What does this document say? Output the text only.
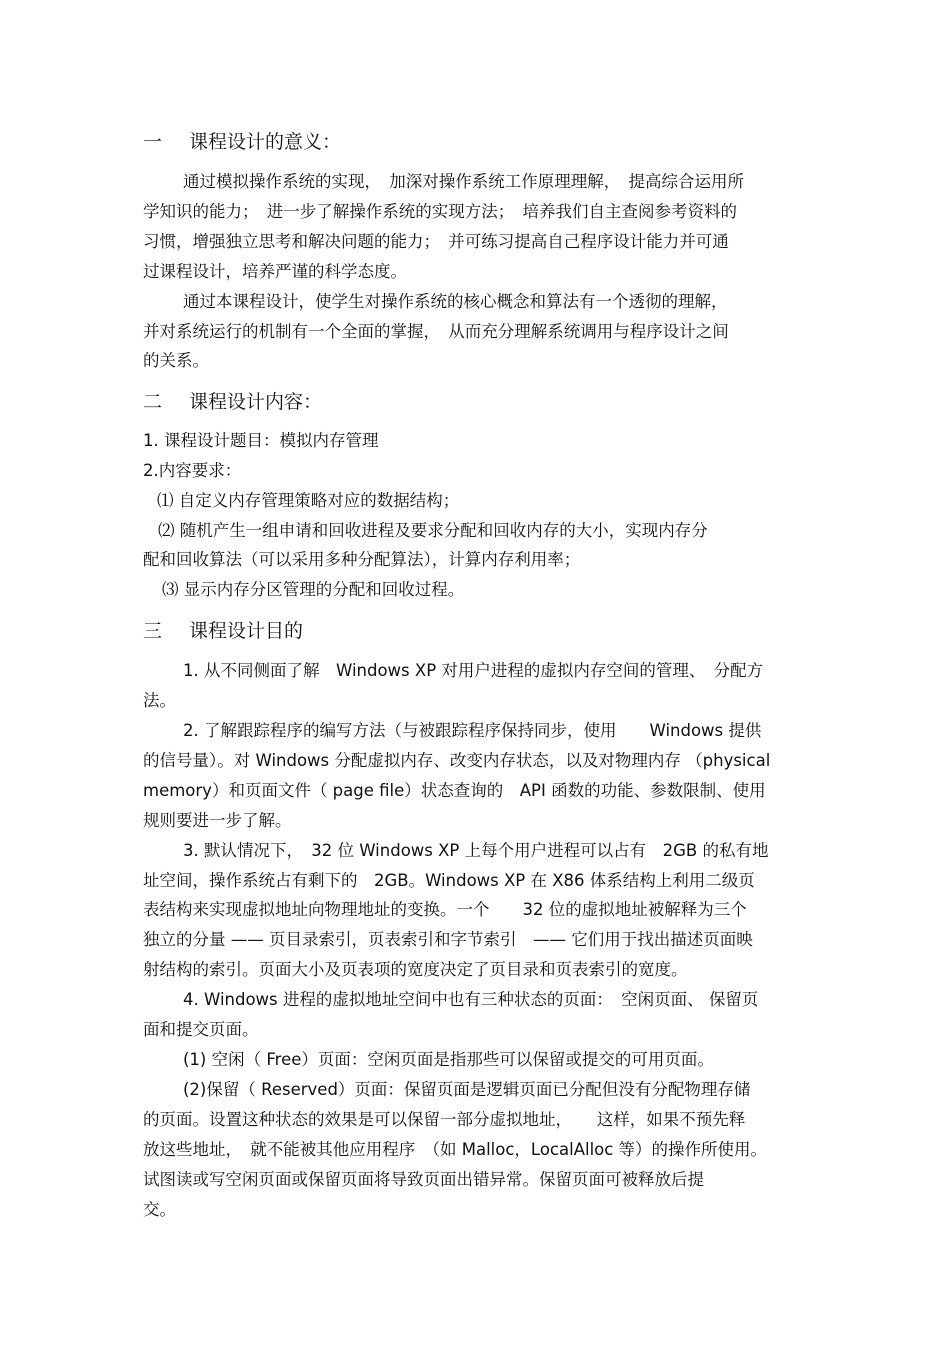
一 课程设计的意义：
通过模拟操作系统的实现，　加深对操作系统工作原理理解，　提高综合运用所
学知识的能力；　进一步了解操作系统的实现方法；　培养我们自主查阅参考资料的
习惯，增强独立思考和解决问题的能力；　并可练习提高自己程序设计能力并可通
过课程设计，培养严谨的科学态度。
通过本课程设计，使学生对操作系统的核心概念和算法有一个透彻的理解，
并对系统运行的机制有一个全面的掌握，　从而充分理解系统调用与程序设计之间
的关系。
二 课程设计内容：
1. 课程设计题目：模拟内存管理
2.内容要求：
⑴ 自定义内存管理策略对应的数据结构；
⑵ 随机产生一组申请和回收进程及要求分配和回收内存的大小，实现内存分
配和回收算法（可以采用多种分配算法），计算内存利用率；
⑶ 显示内存分区管理的分配和回收过程。
三 课程设计目的
1. 从不同侧面了解　Windows XP 对用户进程的虚拟内存空间的管理、　分配方
法。
2. 了解跟踪程序的编写方法（与被跟踪程序保持同步，使用　　Windows 提供
的信号量）。对 Windows 分配虚拟内存、改变内存状态，以及对物理内存 （physical
memory）和页面文件（ page file）状态查询的　API 函数的功能、参数限制、使用
规则要进一步了解。
3. 默认情况下，　32 位 Windows XP 上每个用户进程可以占有　2GB 的私有地
址空间，操作系统占有剩下的　2GB。Windows XP 在 X86 体系结构上利用二级页
表结构来实现虚拟地址向物理地址的变换。一个　　32 位的虚拟地址被解释为三个
独立的分量 —— 页目录索引，页表索引和字节索引　—— 它们用于找出描述页面映
射结构的索引。页面大小及页表项的宽度决定了页目录和页表索引的宽度。
4. Windows 进程的虚拟地址空间中也有三种状态的页面：　空闲页面、 保留页
面和提交页面。
(1) 空闲（ Free）页面：空闲页面是指那些可以保留或提交的可用页面。
(2)保留（ Reserved）页面：保留页面是逻辑页面已分配但没有分配物理存储
的页面。设置这种状态的效果是可以保留一部分虚拟地址，　　这样，如果不预先释
放这些地址，　就不能被其他应用程序　（如 Malloc，LocalAlloc 等）的操作所使用。
试图读或写空闲页面或保留页面将导致页面出错异常。保留页面可被释放后提
交。
